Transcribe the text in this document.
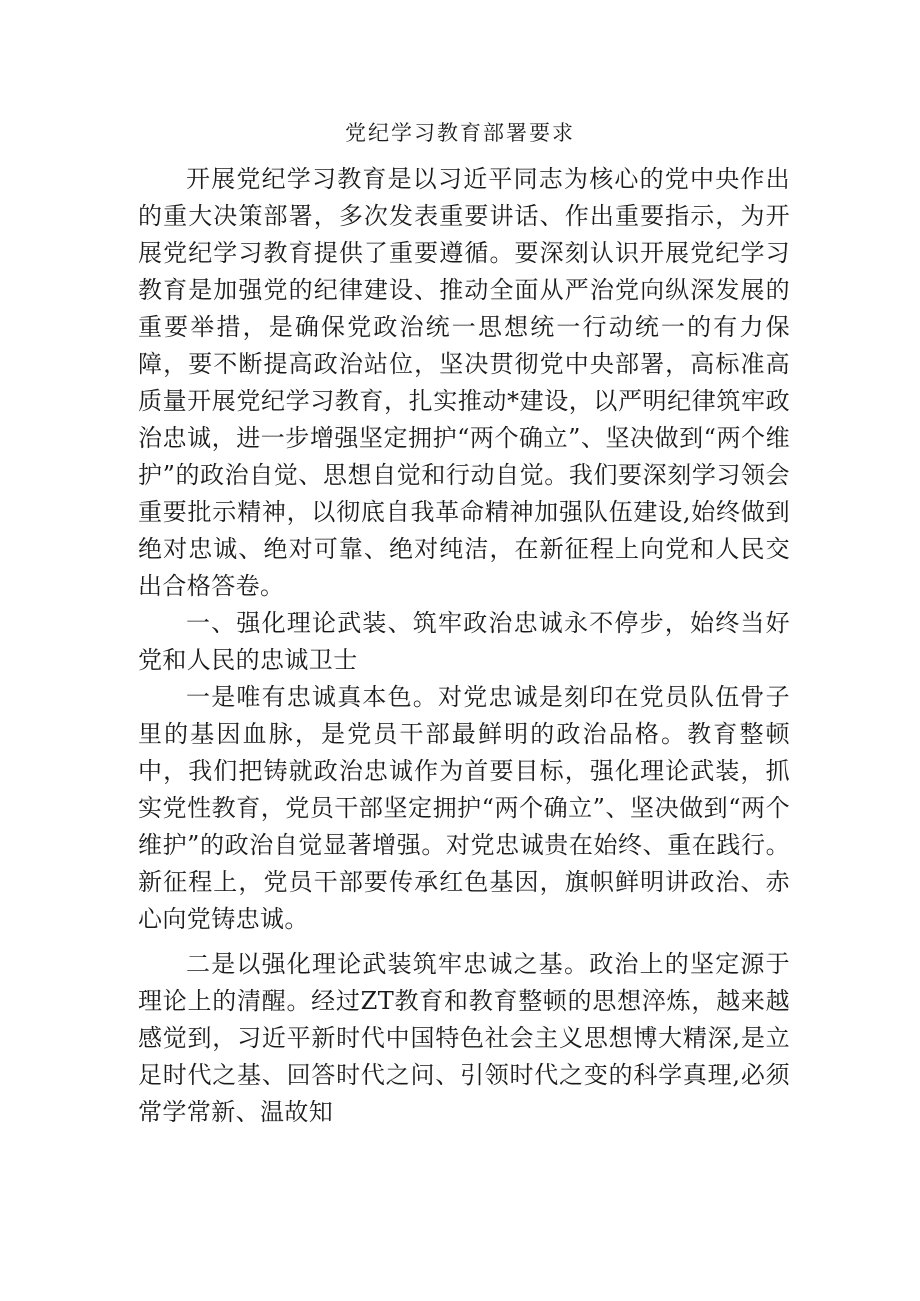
党纪学习教育部署要求

开展党纪学习教育是以习近平同志为核心的党中央作出的重大决策部署，多次发表重要讲话、作出重要指示，为开展党纪学习教育提供了重要遵循。要深刻认识开展党纪学习教育是加强党的纪律建设、推动全面从严治党向纵深发展的重要举措，是确保党政治统一思想统一行动统一的有力保障，要不断提高政治站位，坚决贯彻党中央部署，高标准高质量开展党纪学习教育，扎实推动*建设，以严明纪律筑牢政治忠诚，进一步增强坚定拥护“两个确立”、坚决做到“两个维护”的政治自觉、思想自觉和行动自觉。我们要深刻学习领会重要批示精神，以彻底自我革命精神加强队伍建设,始终做到绝对忠诚、绝对可靠、绝对纯洁，在新征程上向党和人民交出合格答卷。

一、强化理论武装、筑牢政治忠诚永不停步，始终当好党和人民的忠诚卫士

一是唯有忠诚真本色。对党忠诚是刻印在党员队伍骨子里的基因血脉，是党员干部最鲜明的政治品格。教育整顿中，我们把铸就政治忠诚作为首要目标，强化理论武装，抓实党性教育，党员干部坚定拥护“两个确立”、坚决做到“两个维护”的政治自觉显著增强。对党忠诚贵在始终、重在践行。新征程上，党员干部要传承红色基因，旗帜鲜明讲政治、赤心向党铸忠诚。

二是以强化理论武装筑牢忠诚之基。政治上的坚定源于理论上的清醒。经过ZT教育和教育整顿的思想淬炼，越来越感觉到，习近平新时代中国特色社会主义思想博大精深,是立足时代之基、回答时代之问、引领时代之变的科学真理,必须常学常新、温故知
